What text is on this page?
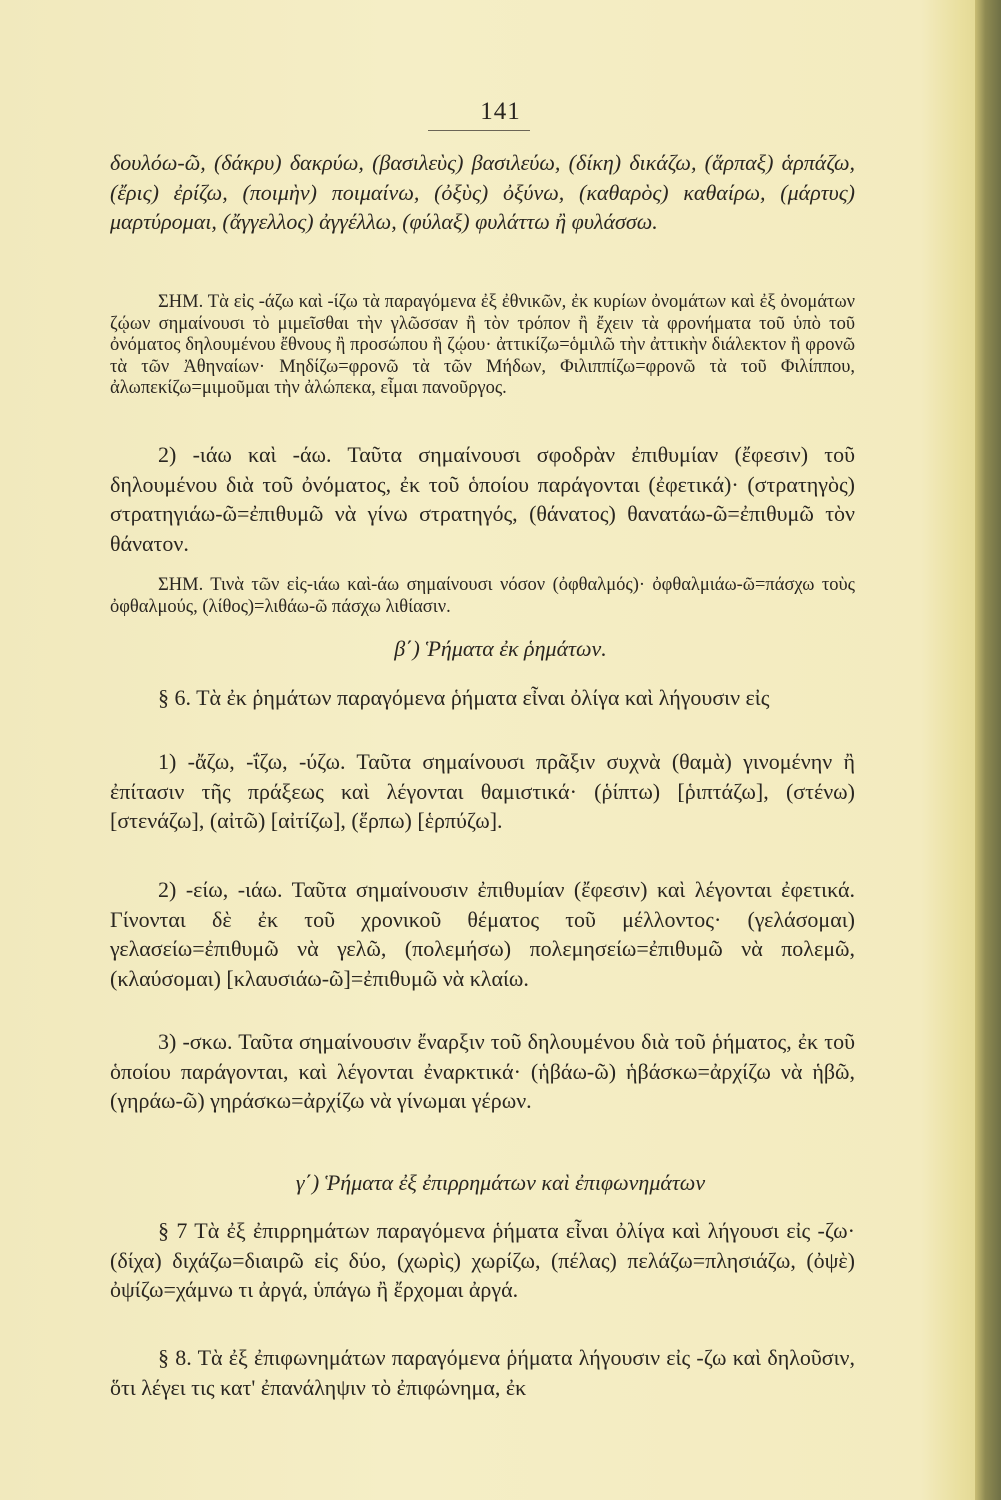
141

δουλόω-ῶ, (δάκρυ) δακρύω, (βασιλεὺς) βασιλεύω, (δίκη) δικάζω, (ἅρπαξ) ἁρπάζω, (ἔρις) ἐρίζω, (ποιμὴν) ποιμαίνω, (ὀξὺς) ὀξύνω, (καθαρὸς) καθαίρω, (μάρτυς) μαρτύρομαι, (ἄγγελλος) ἀγγέλλω, (φύλαξ) φυλάττω ἢ φυλάσσω.

ΣΗΜ. Τὰ εἰς -άζω καὶ -ίζω τὰ παραγόμενα ἐξ ἐθνικῶν, ἐκ κυρίων ὀνομάτων καὶ ἐξ ὀνομάτων ζῴων σημαίνουσι τὸ μιμεῖσθαι τὴν γλῶσσαν ἢ τὸν τρόπον ἢ ἔχειν τὰ φρονήματα τοῦ ὑπὸ τοῦ ὀνόματος δηλουμένου ἔθνους ἢ προσώπου ἢ ζῴου· ἀττικίζω=ὁμιλῶ τὴν ἀττικὴν διάλεκτον ἢ φρονῶ τὰ τῶν Ἀθηναίων· Μηδίζω=φρονῶ τὰ τῶν Μήδων, Φιλιππίζω=φρονῶ τὰ τοῦ Φιλίππου, ἀλωπεκίζω=μιμοῦμαι τὴν ἀλώπεκα, εἶμαι πανοῦργος.

2) -ιάω καὶ -άω. Ταῦτα σημαίνουσι σφοδρὰν ἐπιθυμίαν (ἔφεσιν) τοῦ δηλουμένου διὰ τοῦ ὀνόματος, ἐκ τοῦ ὁποίου παράγονται (ἐφετικά)· (στρατηγὸς) στρατηγιάω-ῶ=ἐπιθυμῶ νὰ γίνω στρατηγός, (θάνατος) θανατάω-ῶ=ἐπιθυμῶ τὸν θάνατον.

ΣΗΜ. Τινὰ τῶν εἰς-ιάω καὶ-άω σημαίνουσι νόσον (ὀφθαλμός)· ὀφθαλμιάω-ῶ=πάσχω τοὺς ὀφθαλμούς, (λίθος)=λιθάω-ῶ πάσχω λιθίασιν.

β΄) Ῥήματα ἐκ ῥημάτων.

§ 6. Τὰ ἐκ ῥημάτων παραγόμενα ῥήματα εἶναι ὀλίγα καὶ λήγουσιν εἰς

1) -ἄζω, -ΐζω, -ύζω. Ταῦτα σημαίνουσι πρᾶξιν συχνὰ (θαμὰ) γινομένην ἢ ἐπίτασιν τῆς πράξεως καὶ λέγονται θαμιστικά· (ῥίπτω) [ῥιπτάζω], (στένω) [στενάζω], (αἰτῶ) [αἰτίζω], (ἕρπω) [ἑρπύζω].

2) -είω, -ιάω. Ταῦτα σημαίνουσιν ἐπιθυμίαν (ἔφεσιν) καὶ λέγονται ἐφετικά. Γίνονται δὲ ἐκ τοῦ χρονικοῦ θέματος τοῦ μέλλοντος· (γελάσομαι) γελασείω=ἐπιθυμῶ νὰ γελῶ, (πολεμήσω) πολεμησείω=ἐπιθυμῶ νὰ πολεμῶ, (κλαύσομαι) [κλαυσιάω-ῶ]=ἐπιθυμῶ νὰ κλαίω.

3) -σκω. Ταῦτα σημαίνουσιν ἔναρξιν τοῦ δηλουμένου διὰ τοῦ ῥήματος, ἐκ τοῦ ὁποίου παράγονται, καὶ λέγονται ἐναρκτικά· (ἡβάω-ῶ) ἡβάσκω=ἀρχίζω νὰ ἡβῶ, (γηράω-ῶ) γηράσκω=ἀρχίζω νὰ γίνωμαι γέρων.

γ΄) Ῥήματα ἐξ ἐπιρρημάτων καὶ ἐπιφωνημάτων

§ 7 Τὰ ἐξ ἐπιρρημάτων παραγόμενα ῥήματα εἶναι ὀλίγα καὶ λήγουσι εἰς -ζω· (δίχα) διχάζω=διαιρῶ εἰς δύο, (χωρὶς) χωρίζω, (πέλας) πελάζω=πλησιάζω, (ὀψὲ) ὀψίζω=χάμνω τι ἀργά, ὑπάγω ἢ ἔρχομαι ἀργά.

§ 8. Τὰ ἐξ ἐπιφωνημάτων παραγόμενα ῥήματα λήγουσιν εἰς -ζω καὶ δηλοῦσιν, ὅτι λέγει τις κατ' ἐπανάληψιν τὸ ἐπιφώνημα, ἐκ
